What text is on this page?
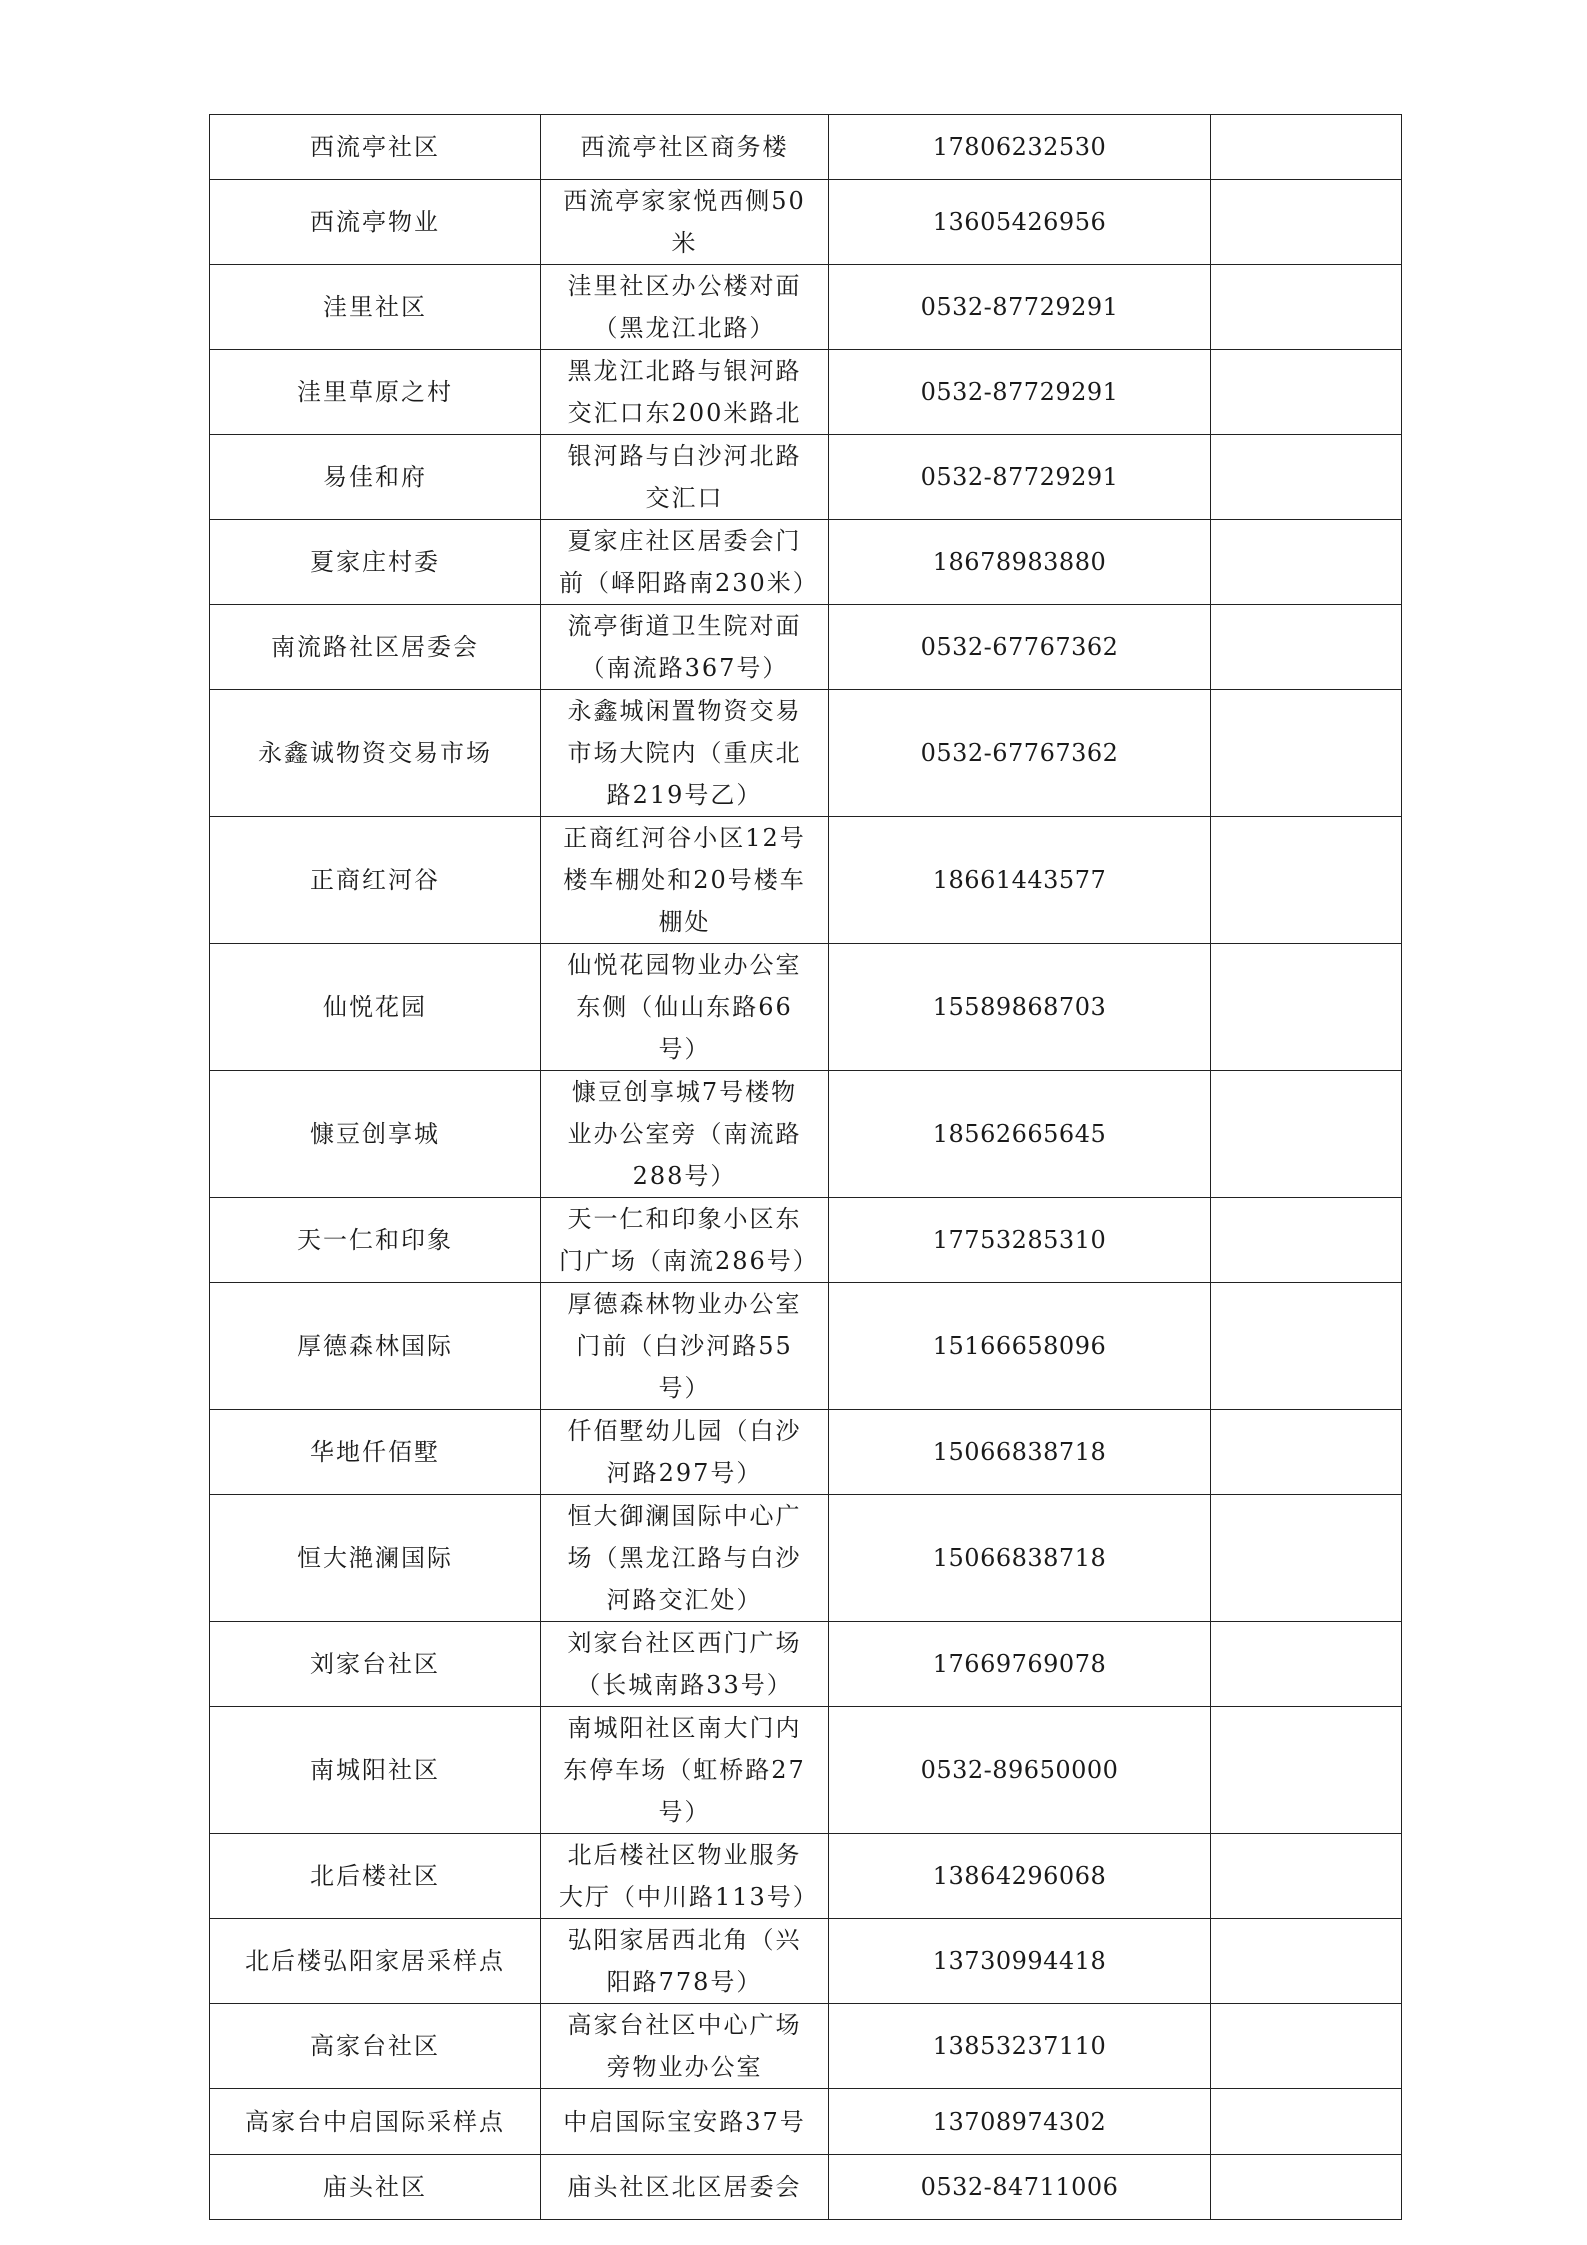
西流亭社区	西流亭社区商务楼	17806232530	
西流亭物业	西流亭家家悦西侧50米	13605426956	
洼里社区	洼里社区办公楼对面（黑龙江北路）	0532-87729291	
洼里草原之村	黑龙江北路与银河路交汇口东200米路北	0532-87729291	
易佳和府	银河路与白沙河北路交汇口	0532-87729291	
夏家庄村委	夏家庄社区居委会门前（峄阳路南230米）	18678983880	
南流路社区居委会	流亭街道卫生院对面（南流路367号）	0532-67767362	
永鑫诚物资交易市场	永鑫城闲置物资交易市场大院内（重庆北路219号乙）	0532-67767362	
正商红河谷	正商红河谷小区12号楼车棚处和20号楼车棚处	18661443577	
仙悦花园	仙悦花园物业办公室东侧（仙山东路66号）	15589868703	
慷豆创享城	慷豆创享城7号楼物业办公室旁（南流路288号）	18562665645	
天一仁和印象	天一仁和印象小区东门广场（南流286号）	17753285310	
厚德森林国际	厚德森林物业办公室门前（白沙河路55号）	15166658096	
华地仟佰墅	仟佰墅幼儿园（白沙河路297号）	15066838718	
恒大滟澜国际	恒大御澜国际中心广场（黑龙江路与白沙河路交汇处）	15066838718	
刘家台社区	刘家台社区西门广场（长城南路33号）	17669769078	
南城阳社区	南城阳社区南大门内东停车场（虹桥路27号）	0532-89650000	
北后楼社区	北后楼社区物业服务大厅（中川路113号）	13864296068	
北后楼弘阳家居采样点	弘阳家居西北角（兴阳路778号）	13730994418	
高家台社区	高家台社区中心广场旁物业办公室	13853237110	
高家台中启国际采样点	中启国际宝安路37号	13708974302	
庙头社区	庙头社区北区居委会	0532-84711006	
